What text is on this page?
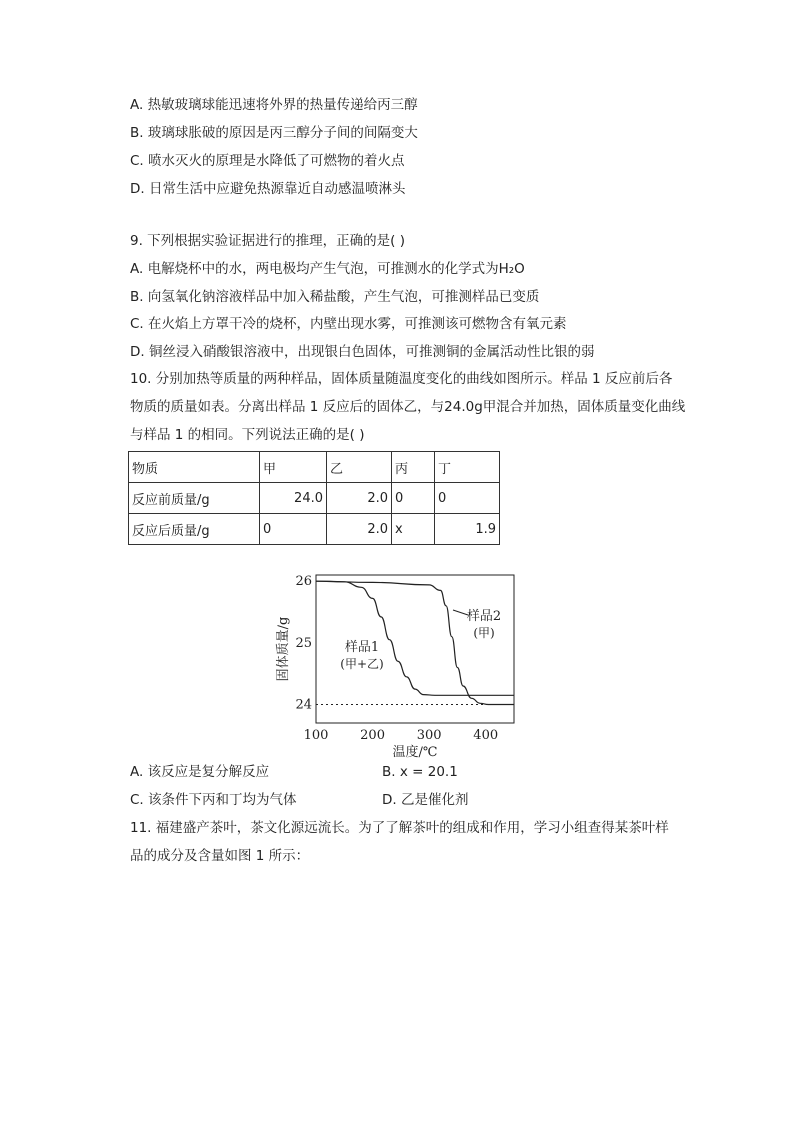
A. 热敏玻璃球能迅速将外界的热量传递给丙三醇
B. 玻璃球胀破的原因是丙三醇分子间的间隔变大
C. 喷水灭火的原理是水降低了可燃物的着火点
D. 日常生活中应避免热源靠近自动感温喷淋头
9. 下列根据实验证据进行的推理，正确的是( )
A. 电解烧杯中的水，两电极均产生气泡，可推测水的化学式为H₂O
B. 向氢氧化钠溶液样品中加入稀盐酸，产生气泡，可推测样品已变质
C. 在火焰上方罩干冷的烧杯，内壁出现水雾，可推测该可燃物含有氧元素
D. 铜丝浸入硝酸银溶液中，出现银白色固体，可推测铜的金属活动性比银的弱
10. 分别加热等质量的两种样品，固体质量随温度变化的曲线如图所示。样品 1 反应前后各
物质的质量如表。分离出样品 1 反应后的固体乙，与24.0g甲混合并加热，固体质量变化曲线
与样品 1 的相同。下列说法正确的是( )
物质	甲	乙	丙	丁
反应前质量/g	24.0	2.0	0	0
反应后质量/g	0	2.0	x	1.9
24
25
26
100 200 300 400
温度/℃
固体质量/g	样品1
(甲+乙)
样品2
(甲)
A. 该反应是复分解反应	B. x = 20.1
C. 该条件下丙和丁均为气体	D. 乙是催化剂
11. 福建盛产茶叶，茶文化源远流长。为了了解茶叶的组成和作用，学习小组查得某茶叶样
品的成分及含量如图 1 所示：
